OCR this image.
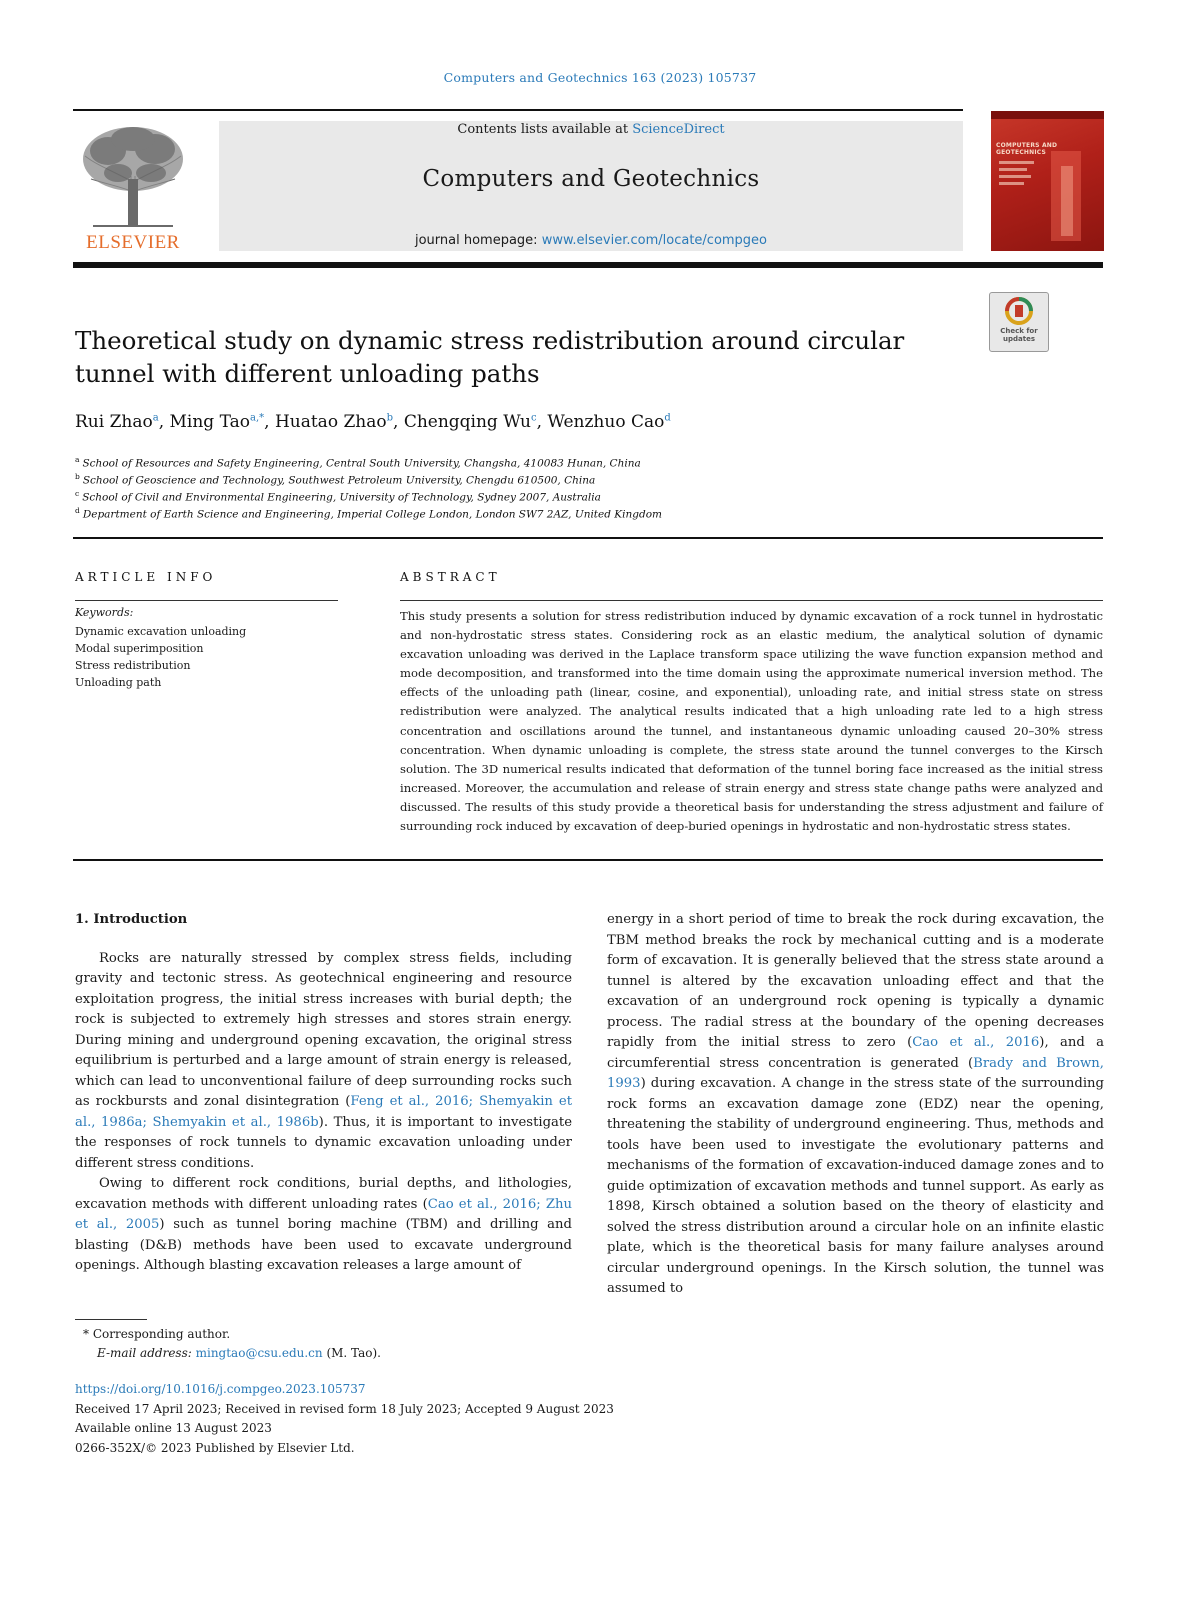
Computers and Geotechnics 163 (2023) 105737
ELSEVIER
Contents lists available at ScienceDirect
Computers and Geotechnics
journal homepage: www.elsevier.com/locate/compgeo
COMPUTERS AND GEOTECHNICS
Theoretical study on dynamic stress redistribution around circular tunnel with different unloading paths
Check for updates
Rui Zhao$^a$, Ming Tao$^{a,*}$, Huatao Zhao$^b$, Chengqing Wu$^c$, Wenzhuo Cao$^d$
$^a$ School of Resources and Safety Engineering, Central South University, Changsha, 410083 Hunan, China
$^b$ School of Geoscience and Technology, Southwest Petroleum University, Chengdu 610500, China
$^c$ School of Civil and Environmental Engineering, University of Technology, Sydney 2007, Australia
$^d$ Department of Earth Science and Engineering, Imperial College London, London SW7 2AZ, United Kingdom
ARTICLE INFO
Keywords:
Dynamic excavation unloading
Modal superimposition
Stress redistribution
Unloading path
ABSTRACT
This study presents a solution for stress redistribution induced by dynamic excavation of a rock tunnel in hydrostatic and non-hydrostatic stress states. Considering rock as an elastic medium, the analytical solution of dynamic excavation unloading was derived in the Laplace transform space utilizing the wave function expansion method and mode decomposition, and transformed into the time domain using the approximate numerical inversion method. The effects of the unloading path (linear, cosine, and exponential), unloading rate, and initial stress state on stress redistribution were analyzed. The analytical results indicated that a high unloading rate led to a high stress concentration and oscillations around the tunnel, and instantaneous dynamic unloading caused 20–30% stress concentration. When dynamic unloading is complete, the stress state around the tunnel converges to the Kirsch solution. The 3D numerical results indicated that deformation of the tunnel boring face increased as the initial stress increased. Moreover, the accumulation and release of strain energy and stress state change paths were analyzed and discussed. The results of this study provide a theoretical basis for understanding the stress adjustment and failure of surrounding rock induced by excavation of deep-buried openings in hydrostatic and non-hydrostatic stress states.
1. Introduction

Rocks are naturally stressed by complex stress fields, including gravity and tectonic stress. As geotechnical engineering and resource exploitation progress, the initial stress increases with burial depth; the rock is subjected to extremely high stresses and stores strain energy. During mining and underground opening excavation, the original stress equilibrium is perturbed and a large amount of strain energy is released, which can lead to unconventional failure of deep surrounding rocks such as rockbursts and zonal disintegration (Feng et al., 2016; Shemyakin et al., 1986a; Shemyakin et al., 1986b). Thus, it is important to investigate the responses of rock tunnels to dynamic excavation unloading under different stress conditions.

Owing to different rock conditions, burial depths, and lithologies, excavation methods with different unloading rates (Cao et al., 2016; Zhu et al., 2005) such as tunnel boring machine (TBM) and drilling and blasting (D&B) methods have been used to excavate underground openings. Although blasting excavation releases a large amount of

energy in a short period of time to break the rock during excavation, the TBM method breaks the rock by mechanical cutting and is a moderate form of excavation. It is generally believed that the stress state around a tunnel is altered by the excavation unloading effect and that the excavation of an underground rock opening is typically a dynamic process. The radial stress at the boundary of the opening decreases rapidly from the initial stress to zero (Cao et al., 2016), and a circumferential stress concentration is generated (Brady and Brown, 1993) during excavation. A change in the stress state of the surrounding rock forms an excavation damage zone (EDZ) near the opening, threatening the stability of underground engineering. Thus, methods and tools have been used to investigate the evolutionary patterns and mechanisms of the formation of excavation-induced damage zones and to guide optimization of excavation methods and tunnel support. As early as 1898, Kirsch obtained a solution based on the theory of elasticity and solved the stress distribution around a circular hole on an infinite elastic plate, which is the theoretical basis for many failure analyses around circular underground openings. In the Kirsch solution, the tunnel was assumed to

* Corresponding author.
E-mail address: mingtao@csu.edu.cn (M. Tao).
https://doi.org/10.1016/j.compgeo.2023.105737
Received 17 April 2023; Received in revised form 18 July 2023; Accepted 9 August 2023
Available online 13 August 2023
0266-352X/© 2023 Published by Elsevier Ltd.
